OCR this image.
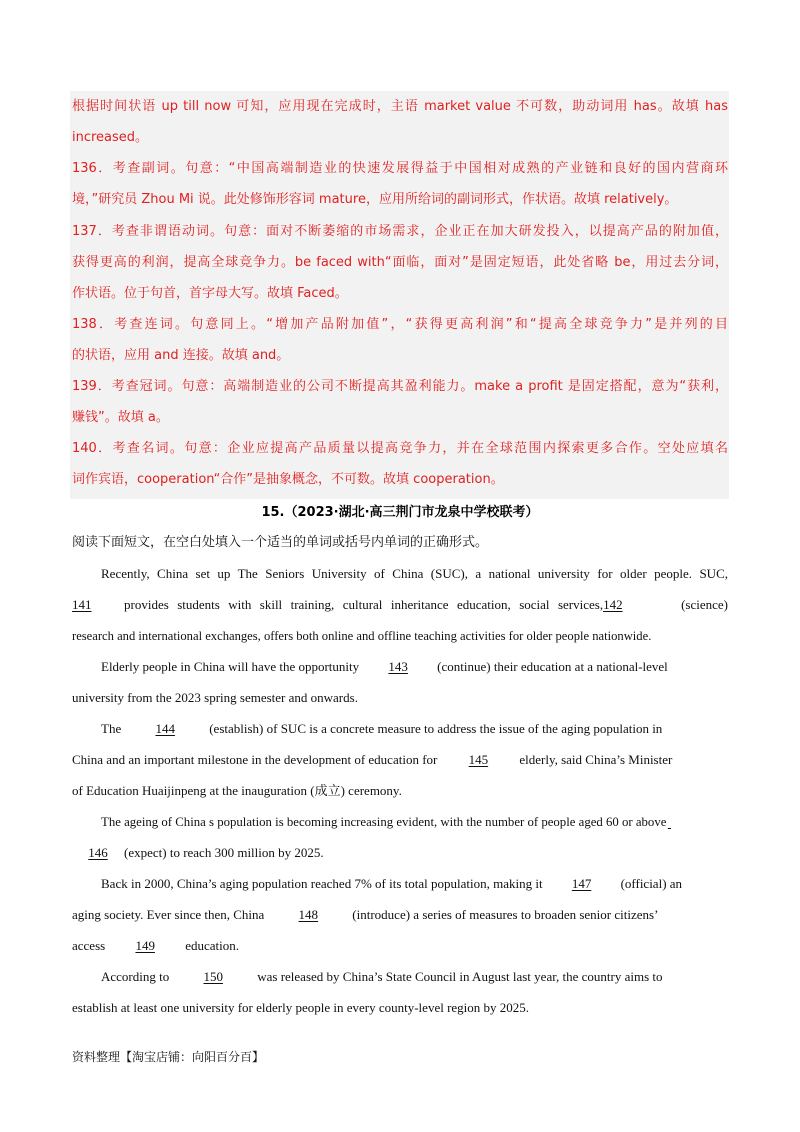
根据时间状语 up till now 可知，应用现在完成时，主语 market value 不可数，助动词用 has。故填 has
increased。
136．考查副词。句意：“中国高端制造业的快速发展得益于中国相对成熟的产业链和良好的国内营商环
境，”研究员 Zhou Mi 说。此处修饰形容词 mature，应用所给词的副词形式，作状语。故填 relatively。
137．考查非谓语动词。句意：面对不断萎缩的市场需求，企业正在加大研发投入，以提高产品的附加值，
获得更高的利润，提高全球竞争力。be faced with“面临，面对”是固定短语，此处省略 be，用过去分词，
作状语。位于句首，首字母大写。故填 Faced。
138．考查连词。句意同上。“增加产品附加值”，“获得更高利润”和“提高全球竞争力”是并列的目
的状语，应用 and 连接。故填 and。
139．考查冠词。句意：高端制造业的公司不断提高其盈利能力。make a profit 是固定搭配，意为“获利，
赚钱”。故填 a。
140．考查名词。句意：企业应提高产品质量以提高竞争力，并在全球范围内探索更多合作。空处应填名
词作宾语，cooperation“合作”是抽象概念，不可数。故填 cooperation。
15.（2023·湖北·高三荆门市龙泉中学校联考）
阅读下面短文，在空白处填入一个适当的单词或括号内单词的正确形式。
Recently, China set up The Seniors University of China (SUC), a national university for older people. SUC,
141	provides students with skill training, cultural inheritance education, social services,142	(science)
research and international exchanges, offers both online and offline teaching activities for older people nationwide.
Elderly people in China will have the opportunity 143 (continue) their education at a national-level
university from the 2023 spring semester and onwards.
The	144	(establish) of SUC is a concrete measure to address the issue of the aging population in
China and an important milestone in the development of education for 145 elderly, said China’s Minister
of Education Huaijinpeng at the inauguration (成立) ceremony.
The ageing of China s population is becoming increasing evident, with the number of people aged 60 or above
146 (expect) to reach 300 million by 2025.
Back in 2000, China’s aging population reached 7% of its total population, making it 147 (official) an
aging society. Ever since then, China	148	(introduce) a series of measures to broaden senior citizens’
access 149 education.
According to	150	was released by China’s State Council in August last year, the country aims to
establish at least one university for elderly people in every county-level region by 2025.
资料整理【淘宝店铺：向阳百分百】
